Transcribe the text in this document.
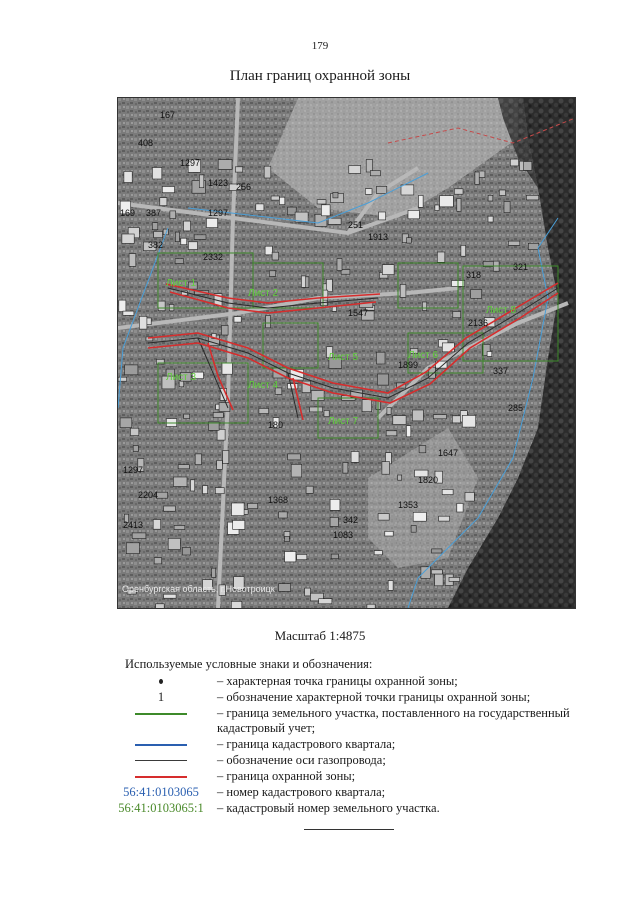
179
План границ охранной зоны
167
408
1297
1423 256
1297
387
169
382
2332
1913
251
318
321
1547
1899
337
285
1820
1297
1083
342
2204
1353
1368
2413
1647
180
2136
Лист 1
Лист 2
Лист 3
Лист 4
Лист 5	Лист 6
Лист 7
Лист 8
Оренбургская область, г.Новотроицк
Масштаб 1:4875
Используемые условные знаки и обозначения:
– характерная точка границы охранной зоны;
1	– обозначение характерной точки границы охранной зоны;
– граница земельного участка, поставленного на государственный кадастровый учет;
– граница кадастрового квартала;
– обозначение оси газопровода;
– граница охранной зоны;
56:41:0103065 – номер кадастрового квартала;
56:41:0103065:1 – кадастровый номер земельного участка.
